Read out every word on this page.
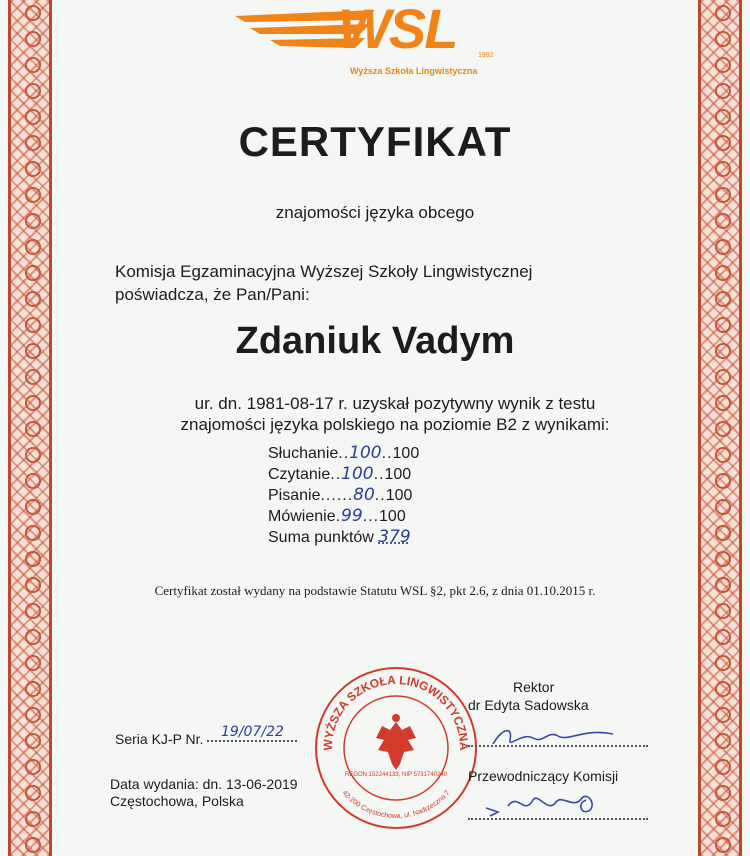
WSL	1992
Wyższa Szkoła Lingwistyczna
CERTYFIKAT
znajomości języka obcego
Komisja Egzaminacyjna Wyższej Szkoły Lingwistycznej
poświadcza, że Pan/Pani:
Zdaniuk Vadym
ur. dn. 1981-08-17 r. uzyskał pozytywny wynik z testu
znajomości języka polskiego na poziomie B2 z wynikami:
Słuchanie..100..100
Czytanie..100..100
Pisanie......80..100
Mówienie.99...100
Suma punktów 379
Certyfikat został wydany na podstawie Statutu WSL §2, pkt 2.6, z dnia 01.10.2015 r.
WYŻSZA SZKOŁA LINGWISTYCZNA
42-200 Częstochowa, ul. Nadrzeczna 7
REGON 152244133, NIP 5731740240
Rektor
dr Edyta Sadowska
Przewodniczący Komisji
Seria KJ-P Nr. 19/07/22
Data wydania: dn. 13-06-2019
Częstochowa, Polska
